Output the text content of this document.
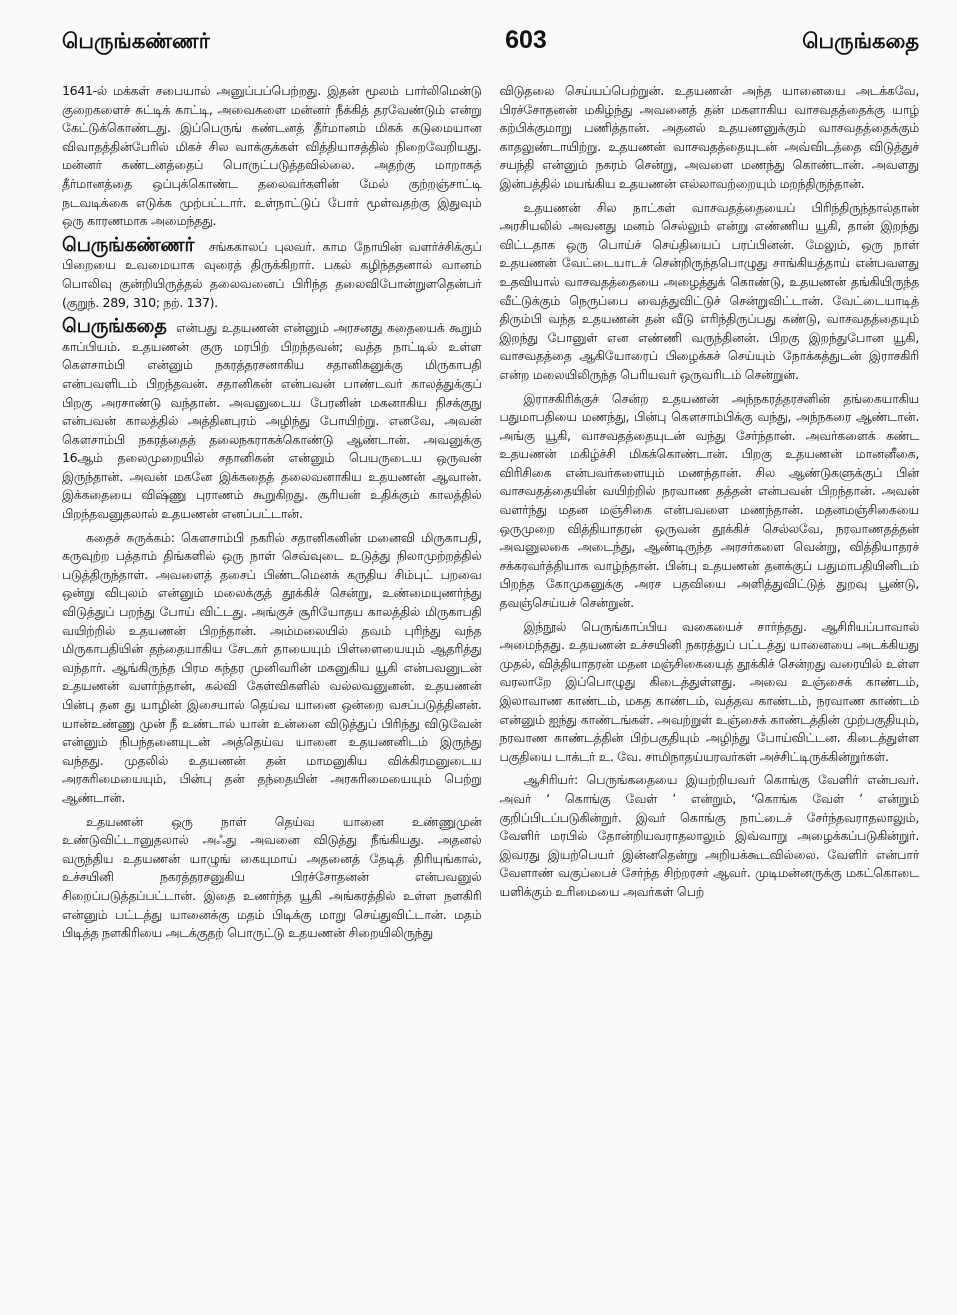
பெருங்கண்ணர்	603	பெருங்கதை

1641-ல் மக்கள் சபையால் அனுப்பப்பெற்றது. இதன் மூலம் பார்லிமென்டு குறைகளைச் சுட்டிக் காட்டி, அவைகளை மன்னர் நீக்கித் தரவேண்டும் என்று கேட்டுக்கொண்டது. இப்பெருங் கண்டனத் தீர்மானம் மிகக் கடுமையான விவாதத்தின்பேரில் மிகச் சில வாக்குக்கள் வித்தியாசத்தில் நிறைவேறியது. மன்னர் கண்டனத்தைப் பொருட்படுத்தவில்லை. அதற்கு மாறாகத் தீர்மானத்தை ஒப்புக்கொண்ட தலைவர்களின் மேல் குற்றஞ்சாட்டி நடவடிக்கை எடுக்க முற்பட்டார். உள்நாட்டுப் போர் மூள்வதற்கு இதுவும் ஒரு காரணமாக அமைந்தது.

பெருங்கண்ணர் சங்ககாலப் புலவர். காம நோயின் வளர்ச்சிக்குப் பிறையை உவமையாக வுரைத் திருக்கிறார். பகல் கழிந்ததனால் வானம் பொலிவு குன்றியிருத்தல் தலைவனைப் பிரிந்த தலைவிபோன்றுளதென்பர் (குறுந். 289, 310; நற். 137).

பெருங்கதை என்பது உதயணன் என்னும் அரசனது கதையைக் கூறும் காப்பியம். உதயணன் குரு மரபிற் பிறந்தவன்; வத்த நாட்டில் உள்ள கௌசாம்பி என்னும் நகரத்தரசனாகிய சதானிகனுக்கு மிருகாபதி என்பவளிடம் பிறந்தவன். சதானிகன் என்பவன் பாண்டவர் காலத்துக்குப் பிறகு அரசாண்டு வந்தான். அவனுடைய பேரனின் மகனாகிய நிசக்குநு என்பவன் காலத்தில் அத்தினபுரம் அழிந்து போயிற்று. எனவே, அவன் கௌசாம்பி நகரத்தைத் தலைநகராகக்கொண்டு ஆண்டான். அவனுக்கு 16ஆம் தலைமுறையில் சதானிகன் என்னும் பெயருடைய ஒருவன் இருந்தான். அவன் மகனே இக்கதைத் தலைவனாகிய உதயணன் ஆவான். இக்கதையை விஷ்ணு புராணம் கூறுகிறது. சூரியன் உதிக்கும் காலத்தில் பிறந்தவனுதலால் உதயணன் எனப்பட்டான்.

கதைச் சுருக்கம்: கௌசாம்பி நகரில் சதானிகனின் மனைவி மிருகாபதி, கருவுற்ற பத்தாம் திங்களில் ஒரு நாள் செவ்வுடை உடுத்து நிலாமுற்றத்தில் படுத்திருந்தாள். அவளைத் தசைப் பிண்டமெனக் கருதிய சிம்புட் பறவை ஒன்று விபுலம் என்னும் மலைக்குத் தூக்கிச் சென்று, உண்மையுணர்ந்து விடுத்துப் பறந்து போய் விட்டது. அங்குச் சூரியோதய காலத்தில் மிருகாபதி வயிற்றில் உதயணன் பிறந்தான். அம்மலையில் தவம் புரிந்து வந்த மிருகாபதியின் தந்தையாகிய சேடகர் தாயையும் பிள்ளையையும் ஆதரித்து வந்தார். ஆங்கிருந்த பிரம சுந்தர முனிவரின் மகனுகிய யூகி என்பவனுடன் உதயணன் வளர்ந்தான், கல்வி கேள்விகளில் வல்லவனுனன். உதயணன் பின்பு தன து யாழின் இசையால் தெய்வ யானை ஒன்றை வசப்படுத்தினன். யான்உண்ணு முன் நீ உண்டால் யான் உன்னை விடுத்துப் பிரிந்து விடுவேன் என்னும் நிபந்தனையுடன் அத்தெய்வ யானை உதயணனிடம் இருந்து வந்தது. முதலில் உதயணன் தன் மாமனுகிய விக்கிரமனுடைய அரசுரிமையையும், பின்பு தன் தந்தையின் அரசுரிமையையும் பெற்று ஆண்டான்.

உதயணன் ஒரு நாள் தெய்வ யானை உண்ணுமுன் உண்டுவிட்டானுதலால் அஃது அவனை விடுத்து நீங்கியது. அதனல் வருந்திய உதயணன் யாழுங் கையுமாய் அதனைத் தேடித் திரியுங்கால், உச்சயினி நகரத்தரசனுகிய பிரச்சோதனன் என்பவனுல் சிறைப்படுத்தப்பட்டான். இதை உணர்ந்த யூகி அங்கரத்தில் உள்ள நளகிரி என்னும் பட்டத்து யானைக்கு மதம் பிடிக்கு மாறு செய்துவிட்டான். மதம் பிடித்த நளகிரியை அடக்குதற் பொருட்டு உதயணன் சிறையிலிருந்து

விடுதலை செய்யப்பெற்றுன். உதயணன் அந்த யானையை அடக்கவே, பிரச்சோதனன் மகிழ்ந்து அவனைத் தன் மகளாகிய வாசவதத்தைக்கு யாழ் கற்பிக்குமாறு பணித்தான். அதனல் உதயணனுக்கும் வாசவதத்தைக்கும் காதலுண்டாயிற்று. உதயணன் வாசவதத்தையுடன் அவ்விடத்தை விடுத்துச் சயந்தி என்னும் நகரம் சென்று, அவளை மணந்து கொண்டான். அவளது இன்பத்தில் மயங்கிய உதயணன் எல்லாவற்றையும் மறந்திருந்தான்.

உதயணன் சில நாட்கள் வாசவதத்தையைப் பிரிந்திருந்தால்தான் அரசியலில் அவனது மனம் செல்லும் என்று எண்ணிய யூகி, தான் இறந்து விட்டதாக ஒரு பொய்ச் செய்தியைப் பரப்பினன். மேலும், ஒரு நாள் உதயணன் வேட்டையாடச் சென்றிருந்தபொழுது சாங்கியத்தாய் என்பவளது உதவியால் வாசவதத்தையை அழைத்துக் கொண்டு, உதயணன் தங்கியிருந்த வீட்டுக்கும் நெருப்பை வைத்துவிட்டுச் சென்றுவிட்டான். வேட்டையாடித் திரும்பி வந்த உதயணன் தன் வீடு எரிந்திருப்பது கண்டு, வாசவதத்தையும் இறந்து போனுள் என எண்ணி வருந்தினன். பிறகு இறந்துபோன யூகி, வாசவதத்தை ஆகியோரைப் பிழைக்கச் செய்யும் நோக்கத்துடன் இராசகிரி என்ற மலையிலிருந்த பெரியவர் ஒருவரிடம் சென்றுன்.

இராசகிரிக்குச் சென்ற உதயணன் அந்நகரத்தரசனின் தங்கையாகிய பதுமாபதியை மணந்து, பின்பு கௌசாம்பிக்கு வந்து, அந்நகரை ஆண்டான். அங்கு யூகி, வாசவதத்தையுடன் வந்து சேர்ந்தான். அவர்களைக் கண்ட உதயணன் மகிழ்ச்சி மிகக்கொண்டான். பிறகு உதயணன் மானனீகை, விரிசிகை என்பவர்களையும் மணந்தான். சில ஆண்டுகளுக்குப் பின் வாசவதத்தையின் வயிற்றில் நரவாண தத்தன் என்பவன் பிறந்தான். அவன் வளர்ந்து மதன மஞ்சிகை என்பவளை மணந்தான். மதனமஞ்சிகையை ஒருமுறை வித்தியாதரன் ஒருவன் தூக்கிச் செல்லவே, நரவாணதத்தன் அவனுலகை அடைந்து, ஆண்டிருந்த அரசர்களை வென்று, வித்தியாதரச் சக்கரவர்த்தியாக வாழ்ந்தான். பின்பு உதயணன் தனக்குப் பதுமாபதியினிடம் பிறந்த கோமுகனுக்கு அரச பதவியை அளித்துவிட்டுத் துறவு பூண்டு, தவஞ்செய்யச் சென்றுன்.

இந்நூல் பெருங்காப்பிய வகையைச் சார்ந்தது. ஆசிரியப்பாவால் அமைந்தது. உதயணன் உச்சயினி நகரத்துப் பட்டத்து யானையை அடக்கியது முதல், வித்தியாதரன் மதன மஞ்சிகையைத் தூக்கிச் சென்றது வரையில் உள்ள வரலாறே இப்பொழுது கிடைத்துள்ளது. அவை உஞ்சைக் காண்டம், இலாவாண காண்டம், மகத காண்டம், வத்தவ காண்டம், நரவாண காண்டம் என்னும் ஐந்து காண்டங்கள். அவற்றுள் உஞ்சைக் காண்டத்தின் முற்பகுதியும், நரவாண காண்டத்தின் பிற்பகுதியும் அழிந்து போய்விட்டன. கிடைத்துள்ள பகுதியை டாக்டர் உ. வே. சாமிநாதய்யரவர்கள் அச்சிட்டிருக்கின்றுர்கள்.

ஆசிரியர்: பெருங்கதையை இயற்றியவர் கொங்கு வேளிர் என்பவர். அவர் ‘ கொங்கு வேள் ’ என்றும், ‘கொங்க வேள் ’ என்றும் குறிப்பிடப்படுகின்றுர். இவர் கொங்கு நாட்டைச் சேர்ந்தவராதலாலும், வேளிர் மரபில் தோன்றியவராதலாலும் இவ்வாறு அழைக்கப்படுகின்றுர். இவரது இயற்பெயர் இன்னதென்று அறியக்கூடவில்லை. வேளிர் என்பார் வேளாண் வகுப்பைச் சேர்ந்த சிற்றரசர் ஆவர். முடிமன்னருக்கு மகட்கொடை யளிக்கும் உரிமையை அவர்கள் பெற்
